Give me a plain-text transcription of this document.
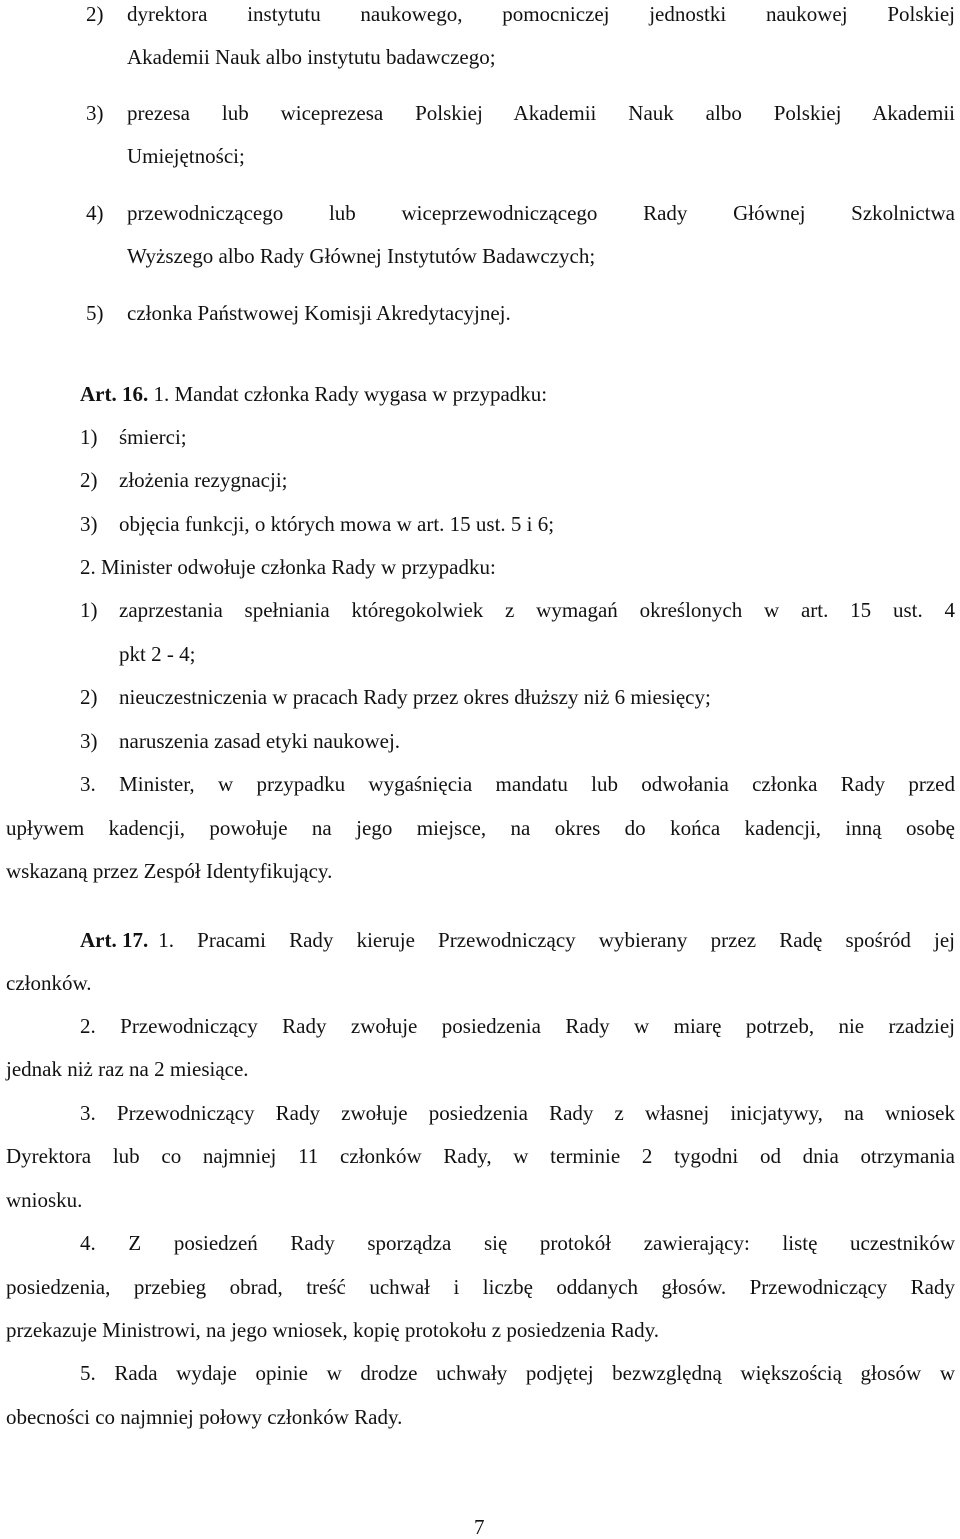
2) dyrektora instytutu naukowego, pomocniczej jednostki naukowej Polskiej
Akademii Nauk albo instytutu badawczego;
3) prezesa lub wiceprezesa Polskiej Akademii Nauk albo Polskiej Akademii
Umiejętności;
4) przewodniczącego lub wiceprzewodniczącego Rady Głównej Szkolnictwa
Wyższego albo Rady Głównej Instytutów Badawczych;
5) członka Państwowej Komisji Akredytacyjnej.
Art. 16. 1. Mandat członka Rady wygasa w przypadku:
1) śmierci;
2) złożenia rezygnacji;
3) objęcia funkcji, o których mowa w art. 15 ust. 5 i 6;
2. Minister odwołuje członka Rady w przypadku:
1) zaprzestania spełniania któregokolwiek z wymagań określonych w art. 15 ust. 4
pkt 2 - 4;
2) nieuczestniczenia w pracach Rady przez okres dłuższy niż 6 miesięcy;
3) naruszenia zasad etyki naukowej.
3. Minister, w przypadku wygaśnięcia mandatu lub odwołania członka Rady przed
upływem kadencji, powołuje na jego miejsce, na okres do końca kadencji, inną osobę
wskazaną przez Zespół Identyfikujący.
Art. 17. 1. Pracami Rady kieruje Przewodniczący wybierany przez Radę spośród jej
członków.
2. Przewodniczący Rady zwołuje posiedzenia Rady w miarę potrzeb, nie rzadziej
jednak niż raz na 2 miesiące.
3. Przewodniczący Rady zwołuje posiedzenia Rady z własnej inicjatywy, na wniosek
Dyrektora lub co najmniej 11 członków Rady, w terminie 2 tygodni od dnia otrzymania
wniosku.
4. Z posiedzeń Rady sporządza się protokół zawierający: listę uczestników
posiedzenia, przebieg obrad, treść uchwał i liczbę oddanych głosów. Przewodniczący Rady
przekazuje Ministrowi, na jego wniosek, kopię protokołu z posiedzenia Rady.
5. Rada wydaje opinie w drodze uchwały podjętej bezwzględną większością głosów w
obecności co najmniej połowy członków Rady.
7
